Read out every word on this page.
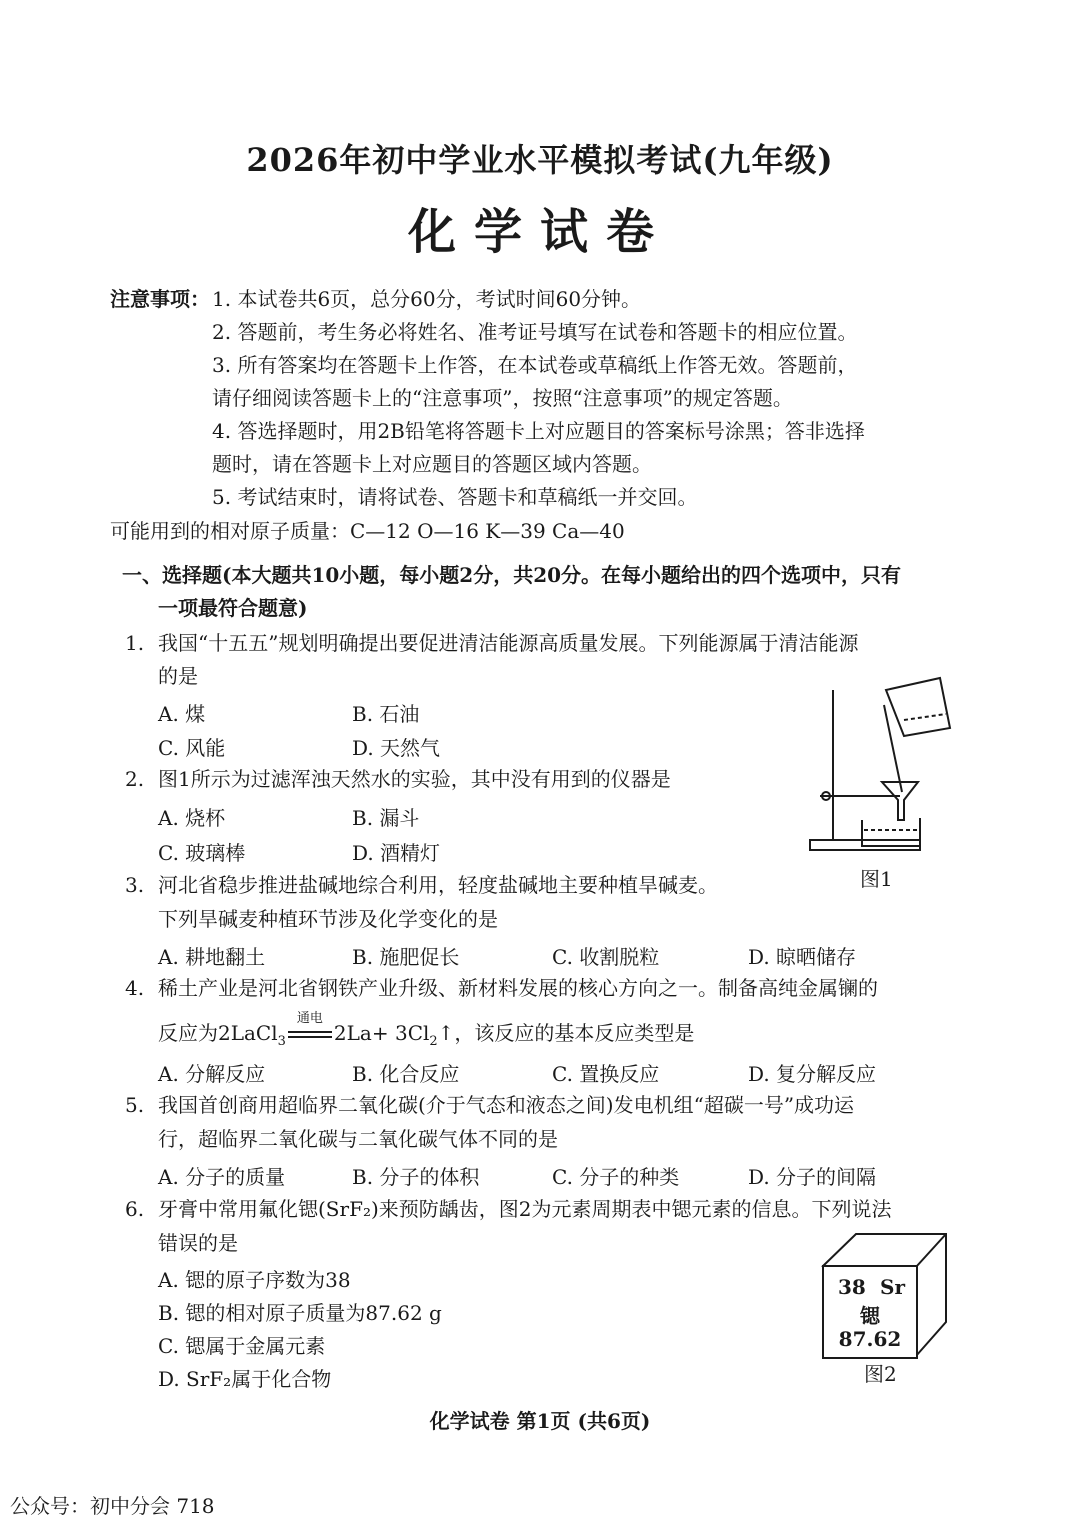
2026年初中学业水平模拟考试(九年级)
化学试卷
注意事项： 1. 本试卷共6页，总分60分，考试时间60分钟。
2. 答题前，考生务必将姓名、准考证号填写在试卷和答题卡的相应位置。
3. 所有答案均在答题卡上作答，在本试卷或草稿纸上作答无效。答题前，
请仔细阅读答题卡上的“注意事项”，按照“注意事项”的规定答题。
4. 答选择题时，用2B铅笔将答题卡上对应题目的答案标号涂黑；答非选择
题时，请在答题卡上对应题目的答题区域内答题。
5. 考试结束时，请将试卷、答题卡和草稿纸一并交回。
可能用到的相对原子质量：C—12 O—16 K—39 Ca—40
一、选择题(本大题共10小题，每小题2分，共20分。在每小题给出的四个选项中，只有
一项最符合题意)
1. 我国“十五五”规划明确提出要促进清洁能源高质量发展。下列能源属于清洁能源
的是
A. 煤	B. 石油
C. 风能	D. 天然气
2. 图1所示为过滤浑浊天然水的实验，其中没有用到的仪器是
A. 烧杯	B. 漏斗
C. 玻璃棒	D. 酒精灯
图1
3. 河北省稳步推进盐碱地综合利用，轻度盐碱地主要种植旱碱麦。
下列旱碱麦种植环节涉及化学变化的是
A. 耕地翻土	B. 施肥促长	C. 收割脱粒	D. 晾晒储存
4. 稀土产业是河北省钢铁产业升级、新材料发展的核心方向之一。制备高纯金属镧的
反应为2LaCl$_3$
通电
$2La+ 3Cl_2↑$，该反应的基本反应类型是
A. 分解反应	B. 化合反应	C. 置换反应	D. 复分解反应
5. 我国首创商用超临界二氧化碳(介于气态和液态之间)发电机组“超碳一号”成功运
行，超临界二氧化碳与二氧化碳气体不同的是
A. 分子的质量	B. 分子的体积	C. 分子的种类	D. 分子的间隔
6. 牙膏中常用氟化锶(SrF₂)来预防龋齿，图2为元素周期表中锶元素的信息。下列说法
错误的是
A. 锶的原子序数为38
B. 锶的相对原子质量为87.62 g
C. 锶属于金属元素
D. SrF₂属于化合物
38 Sr
锶
87.62
图2
化学试卷 第1页 (共6页)
公众号：初中分会 718
